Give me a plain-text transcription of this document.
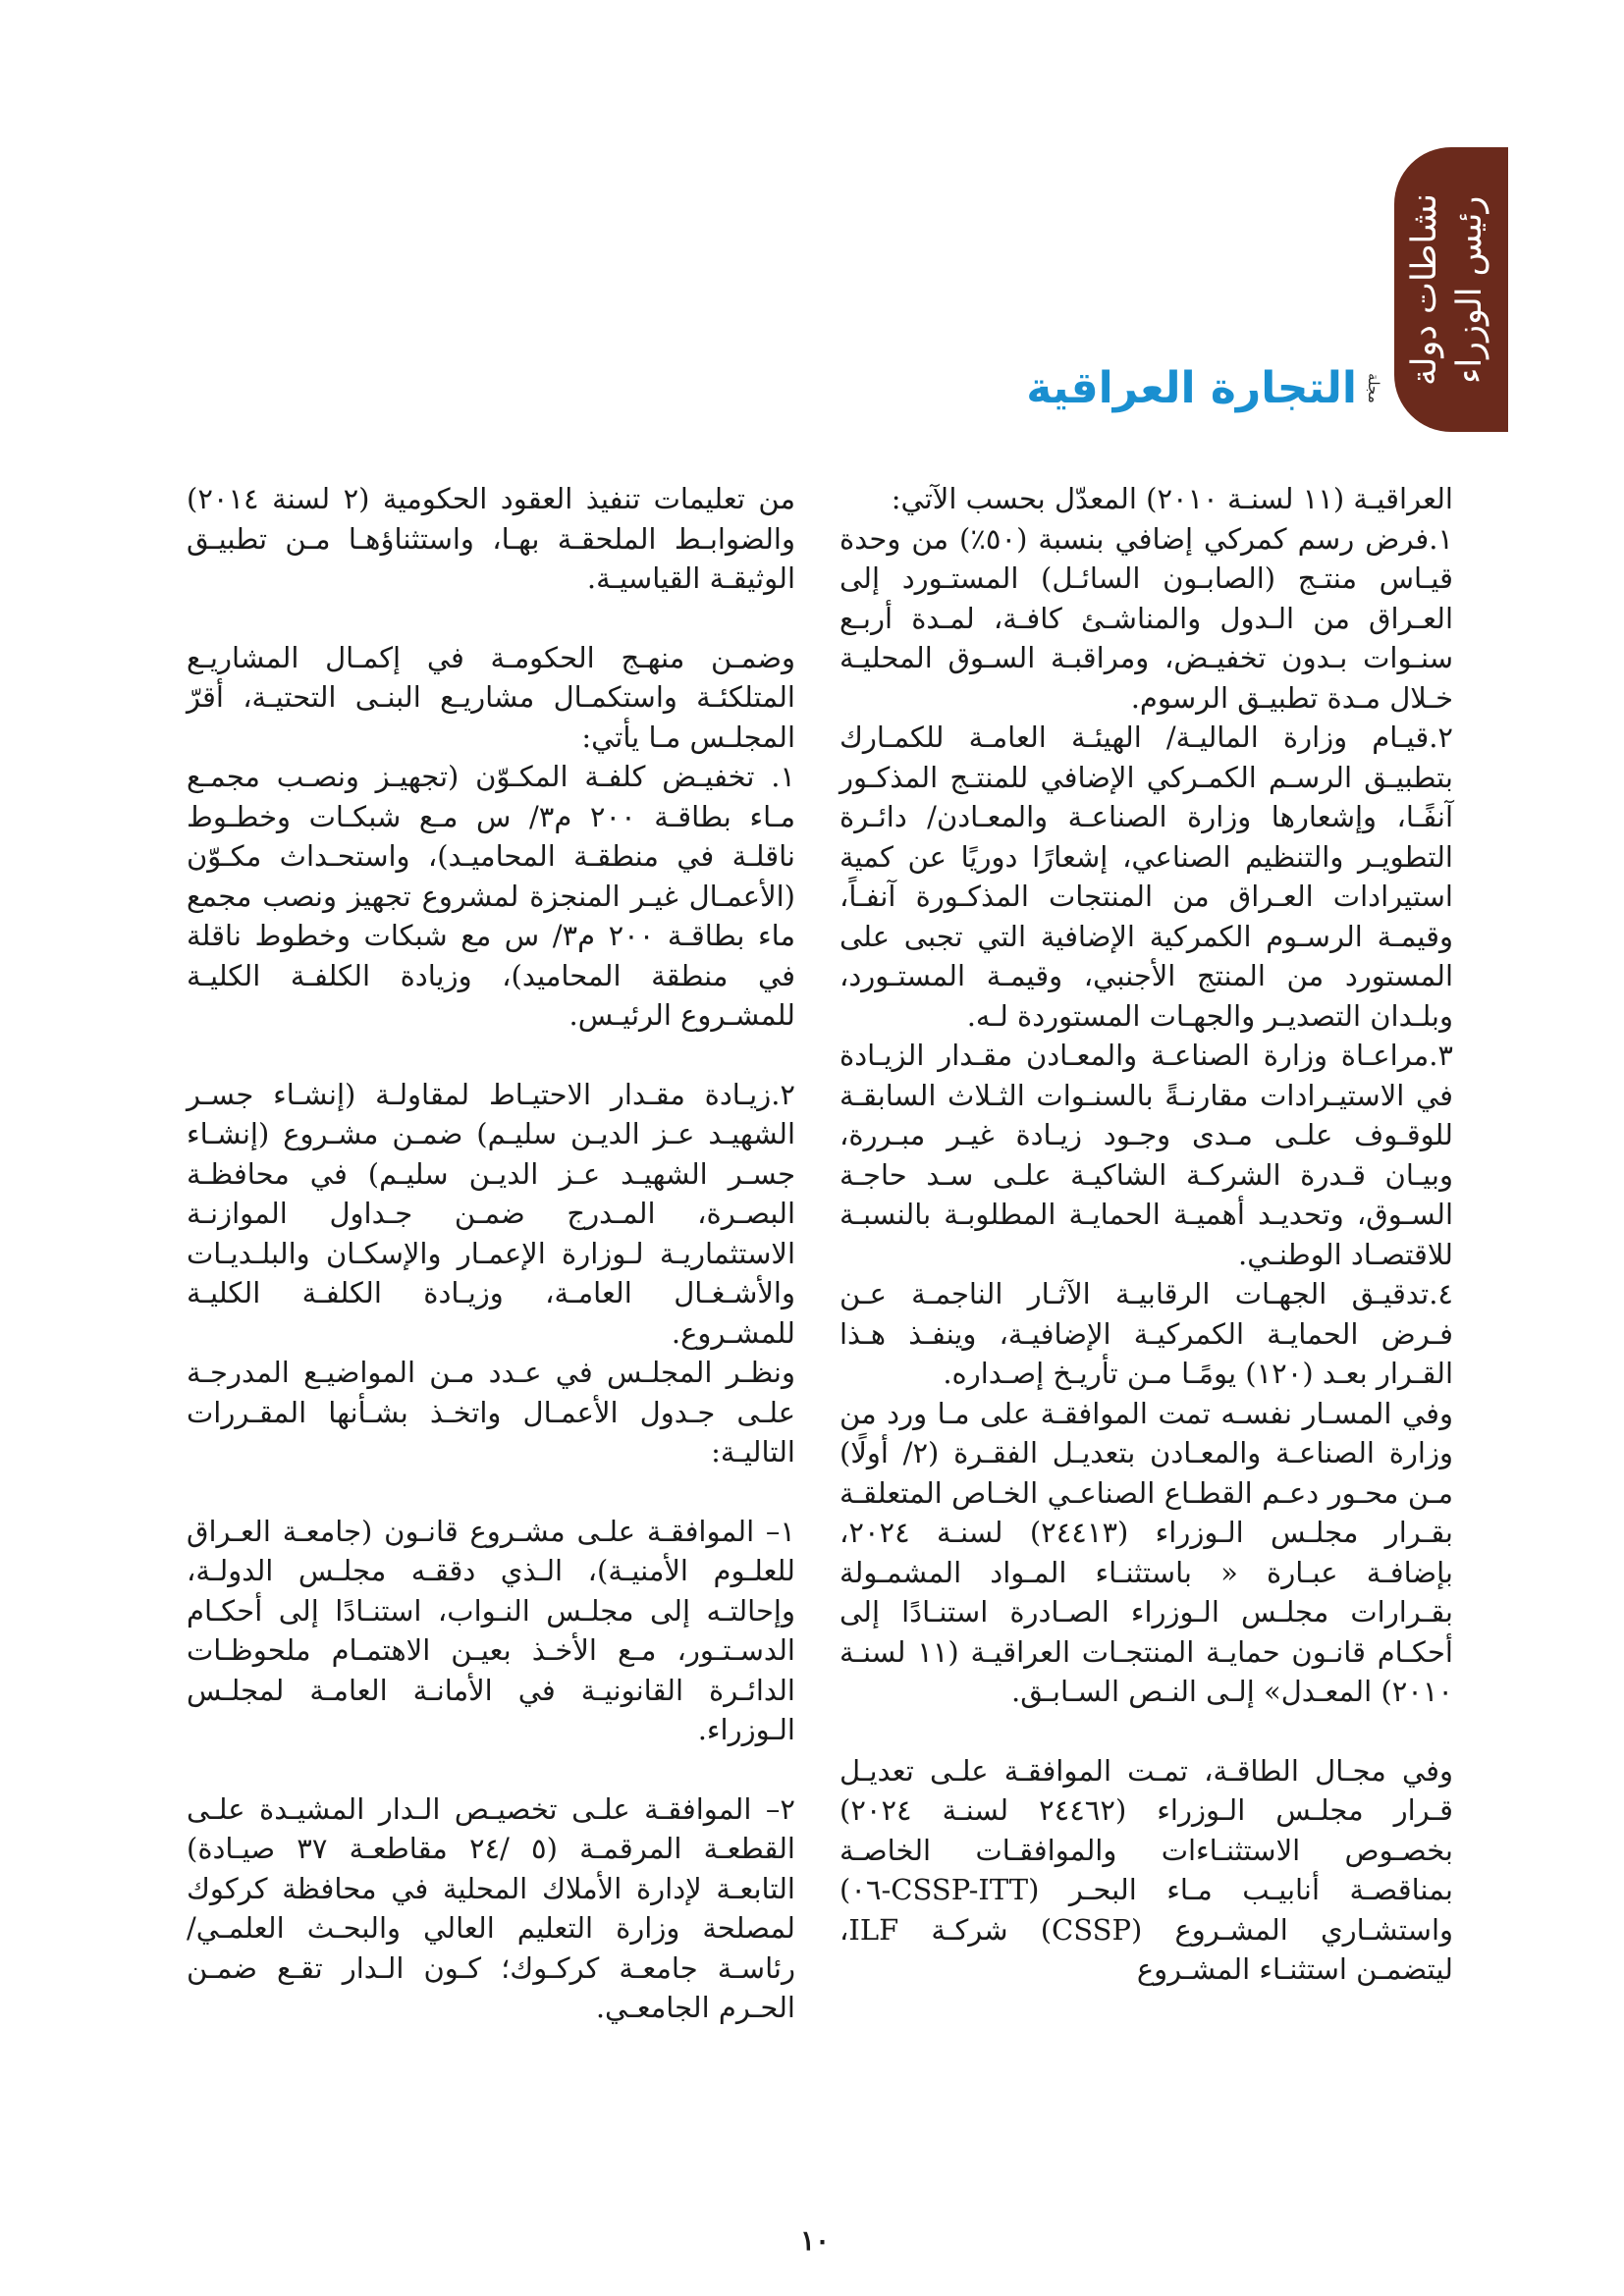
نشاطات دولة رئيس الوزراء
مجلة
التجارة العراقية

العراقيـة (١١ لسنـة ٢٠١٠) المعدّل بحسب الآتي:

١.فرض رسم كمركي إضافي بنسبة (٥٠٪) من وحدة قيـاس منتـج (الصابـون السائـل) المستـورد إلى العـراق من الـدول والمناشـئ كافـة، لمـدة أربـع سنـوات بـدون تخفيـض، ومراقبـة السـوق المحليـة خـلال مـدة تطبيـق الرسوم.

٢.قيـام وزارة الماليـة/ الهيئـة العامـة للكمـارك بتطبيـق الرسـم الكمـركي الإضافي للمنتـج المذكـور آنفًـا، وإشعارها وزارة الصناعـة والمعـادن/ دائـرة التطويـر والتنظيم الصناعي، إشعارًا دوريًا عن كمية استيرادات العـراق من المنتجات المذكـورة آنفـاً، وقيمـة الرسـوم الكمركية الإضافية التي تجبى على المستورد من المنتج الأجنبي، وقيمـة المستـورد، وبلـدان التصديـر والجهـات المستوردة لـه.

٣.مراعـاة وزارة الصناعـة والمعـادن مقـدار الزيـادة في الاستيـرادات مقارنـةً بالسنـوات الثـلاث السابقـة للوقـوف علـى مـدى وجـود زيـادة غيـر مبـررة، وبيـان قـدرة الشركـة الشاكيـة علـى سـد حاجـة السـوق، وتحديـد أهميـة الحمايـة المطلوبـة بالنسبـة للاقتصـاد الوطنـي.

٤.تدقيـق الجهـات الرقابيـة الآثـار الناجمـة عـن فـرض الحمايـة الكمركيـة الإضافيـة، وينفـذ هـذا القـرار بعـد (١٢٠) يومًـا مـن تأريـخ إصـداره.

وفي المسـار نفسـه تمت الموافقـة على مـا ورد من وزارة الصناعـة والمعـادن بتعديـل الفقـرة (٢/ أولًا) مـن محـور دعـم القطـاع الصناعـي الخـاص المتعلقـة بقـرار مجلـس الـوزراء (٢٤٤١٣) لسنـة ٢٠٢٤، بإضافـة عبـارة « باستثنـاء المـواد المشمـولة بقـرارات مجلـس الـوزراء الصـادرة استنـادًا إلى أحكـام قانـون حمايـة المنتجـات العراقيـة (١١ لسنـة ٢٠١٠) المعـدل» إلـى النـص السـابـق.

وفي مجـال الطاقـة، تمـت الموافقـة علـى تعديـل قـرار مجلـس الـوزراء (٢٤٤٦٢ لسنـة ٢٠٢٤) بخصـوص الاستثنـاءات والموافقـات الخاصـة بمناقصـة أنابيـب مـاء البحـر (CSSP-ITT-٠٦) واستشـاري المشـروع (CSSP) شركـة ILF، ليتضمـن استثنـاء المشـروع

من تعليمات تنفيذ العقود الحكومية (٢ لسنة ٢٠١٤) والضوابـط الملحقـة بهـا، واستثناؤهـا مـن تطبيـق الوثيقـة القياسيـة.

وضمـن منهـج الحكومـة في إكمـال المشاريـع المتلكئـة واستكمـال مشاريـع البنـى التحتيـة، أقرّ المجلـس مـا يأتي:

١. تخفيـض كلفـة المكـوّن (تجهيـز ونصـب مجمـع مـاء بطاقـة ٢٠٠ م٣/ س مـع شبكـات وخطـوط ناقلـة في منطقـة المحاميـد)، واستحـداث مكـوّن (الأعمـال غيـر المنجزة لمشروع تجهيز ونصب مجمع ماء بطاقـة ٢٠٠ م٣/ س مع شبكات وخطوط ناقلة في منطقة المحاميد)، وزيادة الكلفـة الكليـة للمشـروع الرئيـس.

٢.زيـادة مقـدار الاحتيـاط لمقاولـة (إنشـاء جسـر الشهيـد عـز الديـن سليـم) ضمـن مشـروع (إنشـاء جسـر الشهيـد عـز الديـن سليـم) في محافظـة البصـرة، المـدرج ضمـن جـداول الموازنـة الاستثماريـة لـوزارة الإعمـار والإسكـان والبلـديـات والأشـغـال العامـة، وزيـادة الكلفـة الكليـة للمشـروع.

ونظـر المجلـس في عـدد مـن المواضيـع المدرجـة علـى جـدول الأعمـال واتخـذ بشـأنها المقـررات التاليـة:

١– الموافقـة علـى مشـروع قانـون (جامعـة العـراق للعلـوم الأمنيـة)، الـذي دققـه مجلـس الدولـة، وإحالتـه إلى مجلـس النـواب، استنـادًا إلى أحكـام الدسـتـور، مـع الأخـذ بعيـن الاهتمـام ملحوظـات الدائـرة القانونيـة في الأمانـة العامـة لمجلـس الـوزراء.

٢– الموافقـة علـى تخصيـص الـدار المشيـدة علـى القطعـة المرقمـة (٥ /٢٤ مقاطعـة ٣٧ صيـادة) التابعـة لإدارة الأملاك المحلية في محافظة كركوك لمصلحة وزارة التعليم العالي والبحـث العلمـي/ رئاسـة جامعـة كركـوك؛ كـون الـدار تقـع ضمـن الحـرم الجامعـي.

١٠
